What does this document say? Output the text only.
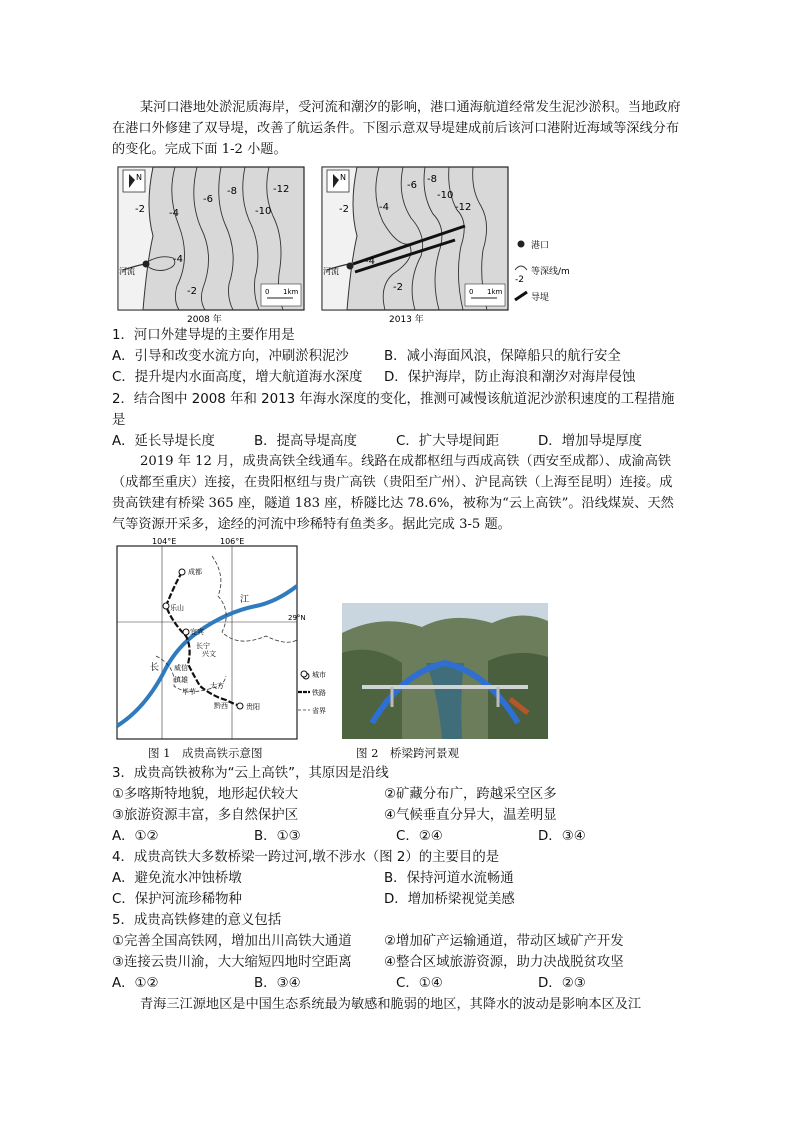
某河口港地处淤泥质海岸，受河流和潮汐的影响，港口通海航道经常发生泥沙淤积。当地政府在港口外修建了双导堤，改善了航运条件。下图示意双导堤建成前后该河口港附近海域等深线分布的变化。完成下面 1-2 小题。
N
-2 -4
-6
-8
-10
-12
-4
-2
河流
0 1km
2008 年
N
-2	-4
-6
-8
-10
-12
-4
-2
河流
0 1km
2013 年
港口
-2
等深线/m
导堤
1．河口外建导堤的主要作用是
A．引导和改变水流方向，冲刷淤积泥沙	B．减小海面风浪，保障船只的航行安全
C．提升堤内水面高度，增大航道海水深度	D．保护海岸，防止海浪和潮汐对海岸侵蚀
2．结合图中 2008 年和 2013 年海水深度的变化，推测可减慢该航道泥沙淤积速度的工程措施是
A．延长导堤长度	B．提高导堤高度	C．扩大导堤间距	D．增加导堤厚度
2019 年 12 月，成贵高铁全线通车。线路在成都枢纽与西成高铁（西安至成都）、成渝高铁（成都至重庆）连接，在贵阳枢纽与贵广高铁（贵阳至广州）、沪昆高铁（上海至昆明）连接。成贵高铁建有桥梁 365 座，隧道 183 座，桥隧比达 78.6%，被称为“云上高铁”。沿线煤炭、天然气等资源开采多，途经的河流中珍稀特有鱼类多。据此完成 3-5 题。
104°E	106°E
29°N
长
江
成都
乐山
宜宾
长宁
兴文
威信
镇雄
毕节
大方
黔西	贵阳
城市
铁路
省界
图 1　成贵高铁示意图	图 2　桥梁跨河景观
3．成贵高铁被称为“云上高铁”，其原因是沿线
①多喀斯特地貌，地形起伏较大	②矿藏分布广，跨越采空区多
③旅游资源丰富，多自然保护区	④气候垂直分异大，温差明显
A．①②	B．①③	C．②④	D．③④
4．成贵高铁大多数桥梁一跨过河,墩不涉水（图 2）的主要目的是
A．避免流水冲蚀桥墩	B．保持河道水流畅通
C．保护河流珍稀物种	D．增加桥梁视觉美感
5．成贵高铁修建的意义包括
①完善全国高铁网，增加出川高铁大通道	②增加矿产运输通道，带动区域矿产开发
③连接云贵川渝，大大缩短四地时空距离	④整合区域旅游资源，助力决战脱贫攻坚
A．①②	B．③④	C．①④	D．②③
青海三江源地区是中国生态系统最为敏感和脆弱的地区，其降水的波动是影响本区及江
